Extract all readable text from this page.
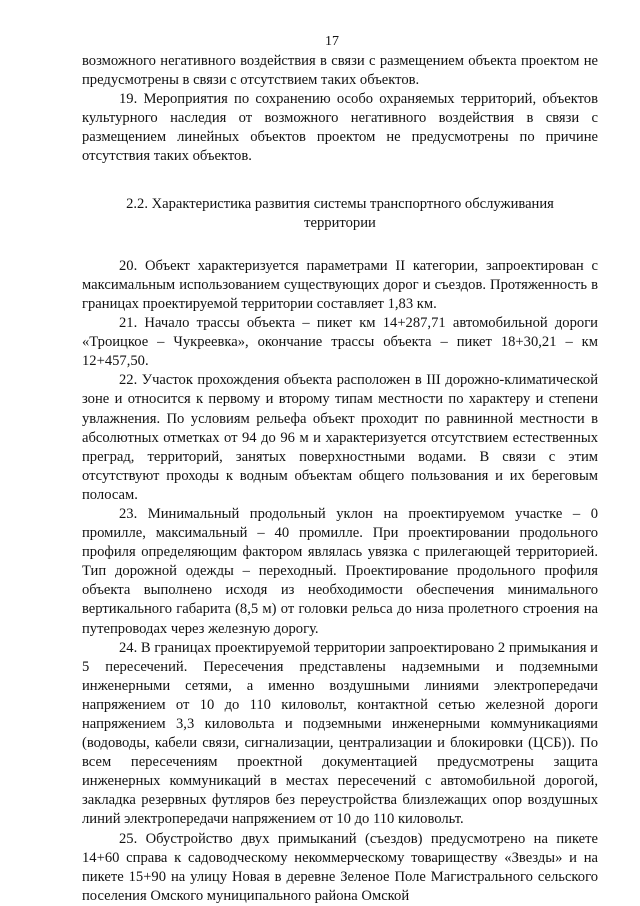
17

возможного негативного воздействия в связи с размещением объекта проектом не предусмотрены в связи с отсутствием таких объектов.

19. Мероприятия по сохранению особо охраняемых территорий, объектов культурного наследия от возможного негативного воздействия в связи с размещением линейных объектов проектом не предусмотрены по причине отсутствия таких объектов.

2.2. Характеристика развития системы транспортного обслуживания территории

20. Объект характеризуется параметрами II категории, запроектирован с максимальным использованием существующих дорог и съездов. Протяженность в границах проектируемой территории составляет 1,83 км.

21. Начало трассы объекта – пикет км 14+287,71 автомобильной дороги «Троицкое – Чукреевка», окончание трассы объекта – пикет 18+30,21 – км 12+457,50.

22. Участок прохождения объекта расположен в III дорожно-климатической зоне и относится к первому и второму типам местности по характеру и степени увлажнения. По условиям рельефа объект проходит по равнинной местности в абсолютных отметках от 94 до 96 м и характеризуется отсутствием естественных преград, территорий, занятых поверхностными водами. В связи с этим отсутствуют проходы к водным объектам общего пользования и их береговым полосам.

23. Минимальный продольный уклон на проектируемом участке – 0 промилле, максимальный – 40 промилле. При проектировании продольного профиля определяющим фактором являлась увязка с прилегающей территорией. Тип дорожной одежды – переходный. Проектирование продольного профиля объекта выполнено исходя из необходимости обеспечения минимального вертикального габарита (8,5 м) от головки рельса до низа пролетного строения на путепроводах через железную дорогу.

24. В границах проектируемой территории запроектировано 2 примыкания и 5 пересечений. Пересечения представлены надземными и подземными инженерными сетями, а именно воздушными линиями электропередачи напряжением от 10 до 110 киловольт, контактной сетью железной дороги напряжением 3,3 киловольта и подземными инженерными коммуникациями (водоводы, кабели связи, сигнализации, централизации и блокировки (ЦСБ)). По всем пересечениям проектной документацией предусмотрены защита инженерных коммуникаций в местах пересечений с автомобильной дорогой, закладка резервных футляров без переустройства близлежащих опор воздушных линий электропередачи напряжением от 10 до 110 киловольт.

25. Обустройство двух примыканий (съездов) предусмотрено на пикете 14+60 справа к садоводческому некоммерческому товариществу «Звезды» и на пикете 15+90 на улицу Новая в деревне Зеленое Поле Магистрального сельского поселения Омского муниципального района Омской
